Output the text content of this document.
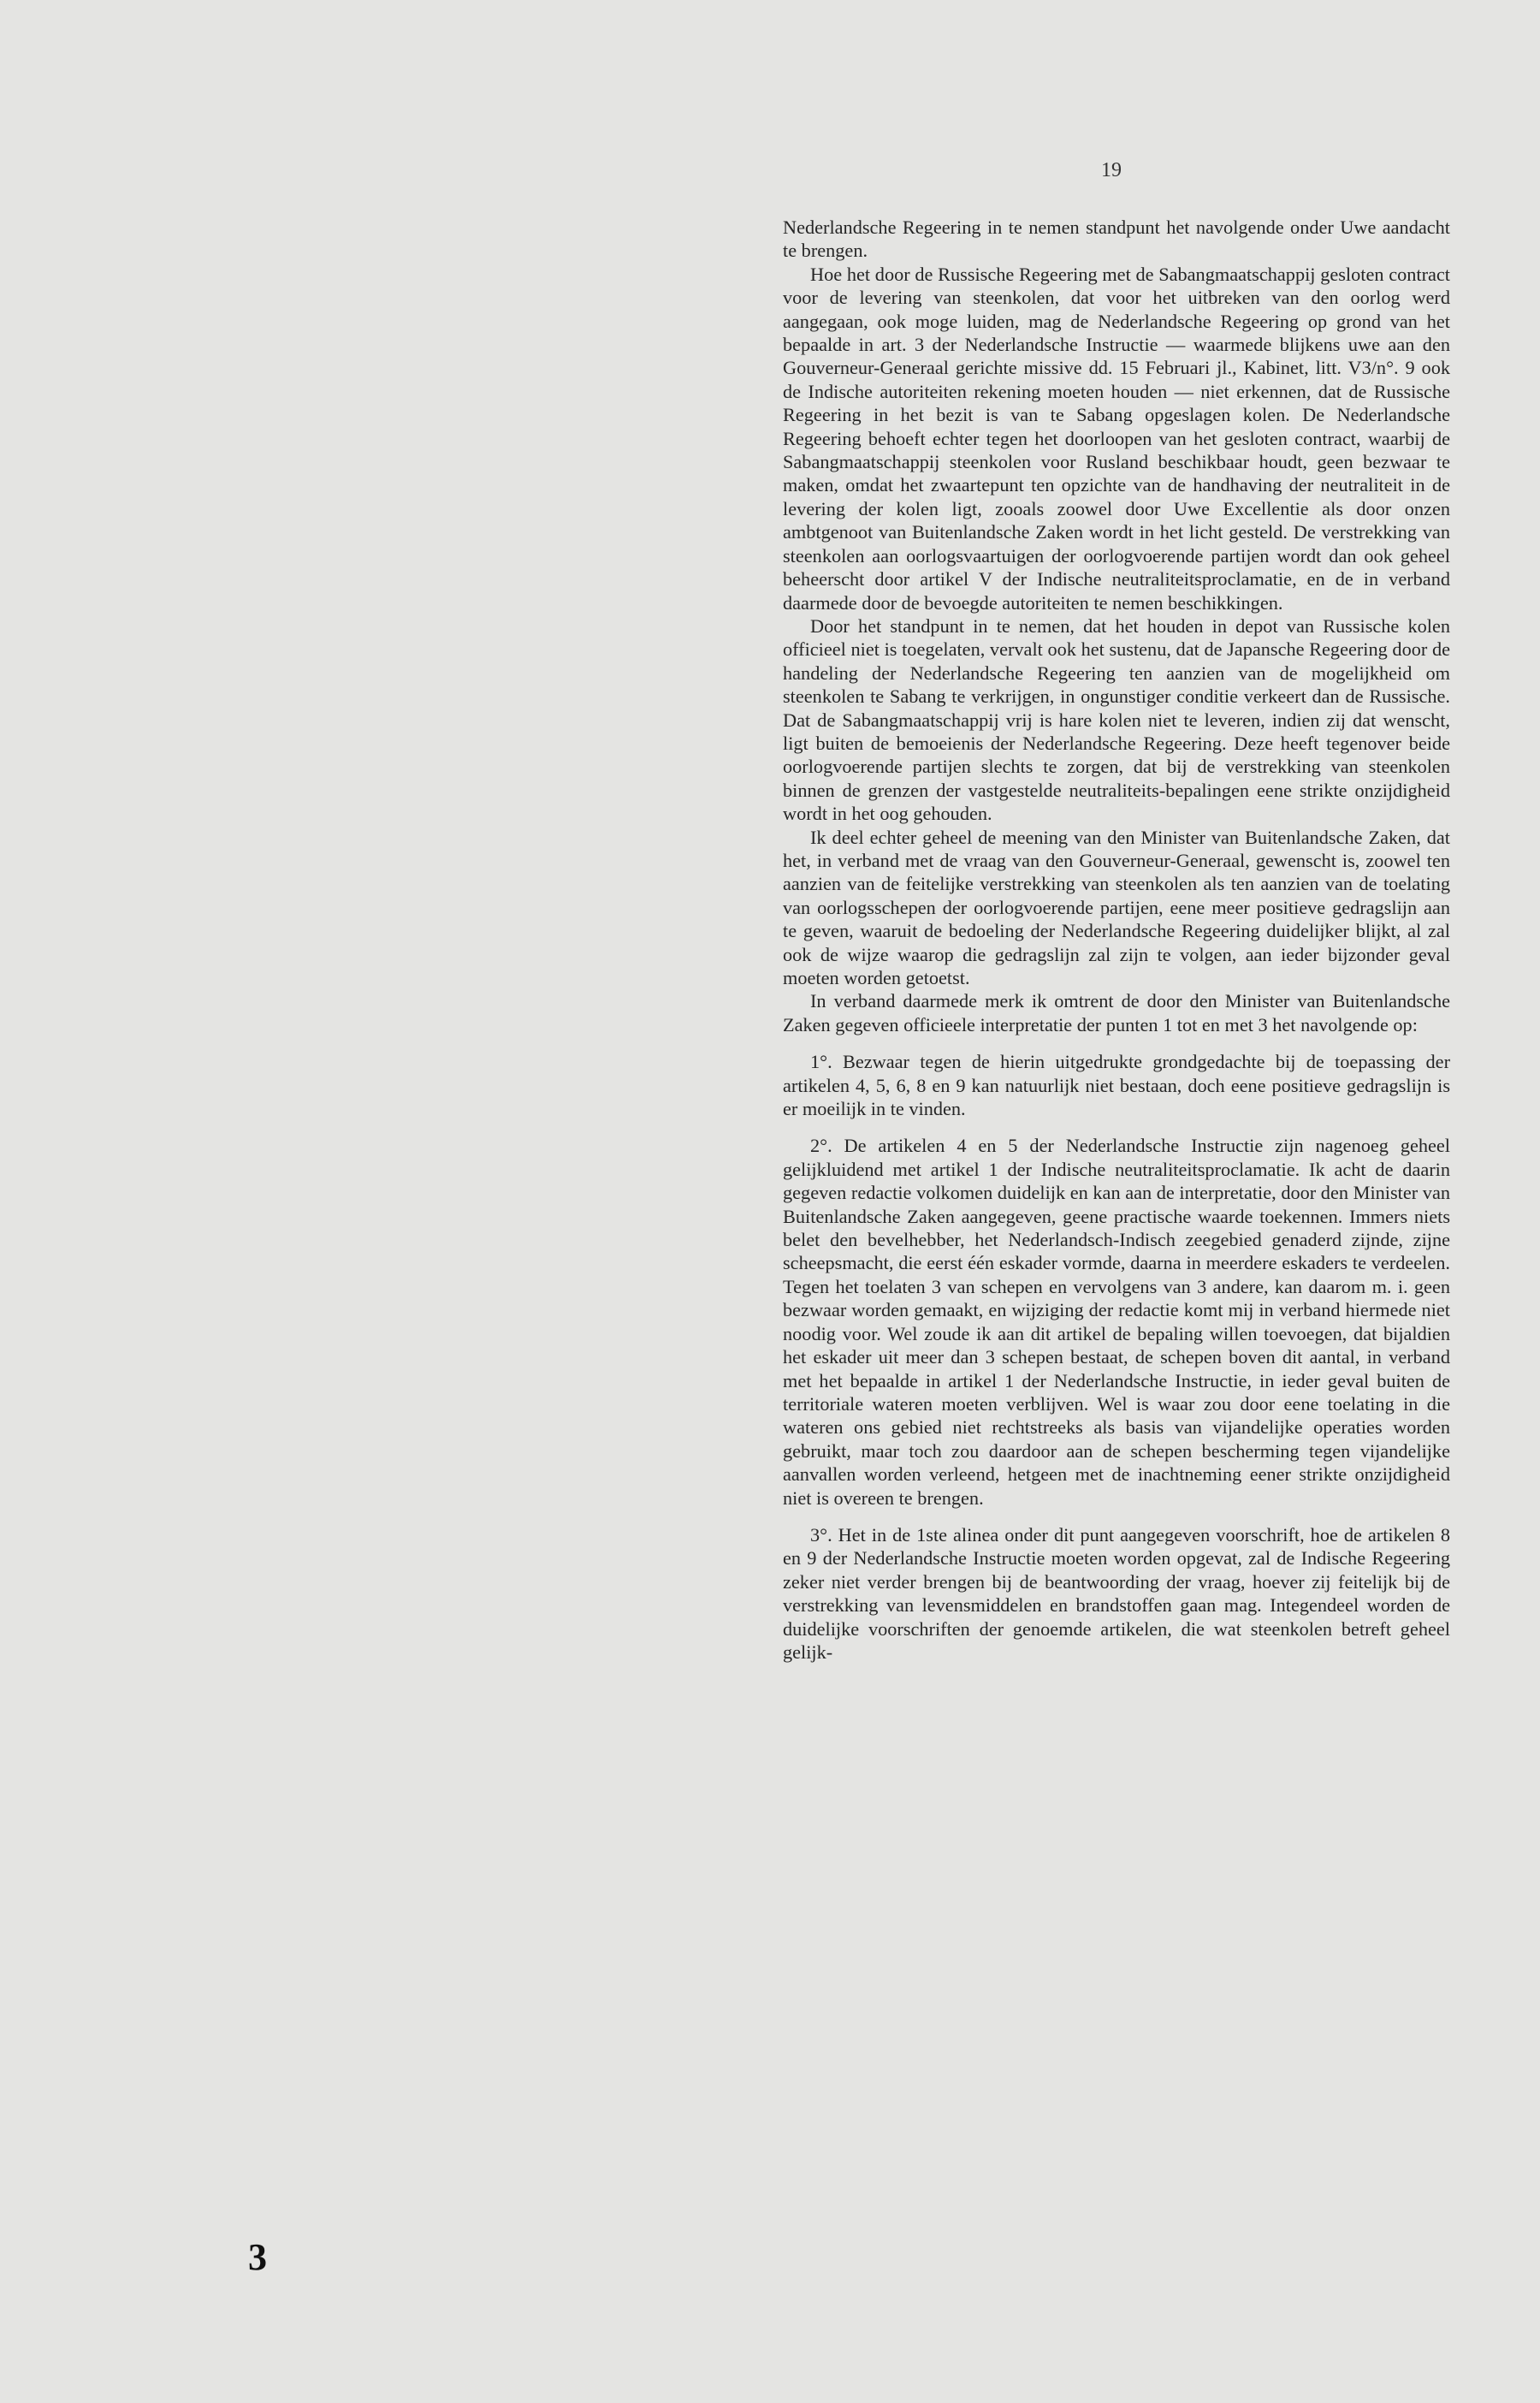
19

Nederlandsche Regeering in te nemen standpunt het navolgende onder Uwe aandacht te brengen.

Hoe het door de Russische Regeering met de Sabangmaatschappij gesloten contract voor de levering van steenkolen, dat voor het uitbreken van den oorlog werd aangegaan, ook moge luiden, mag de Nederlandsche Regeering op grond van het bepaalde in art. 3 der Nederlandsche Instructie — waarmede blijkens uwe aan den Gouverneur-Generaal gerichte missive dd. 15 Februari jl., Kabinet, litt. V3/n°. 9 ook de Indische autoriteiten rekening moeten houden — niet erkennen, dat de Russische Regeering in het bezit is van te Sabang opgeslagen kolen. De Nederlandsche Regeering behoeft echter tegen het doorloopen van het gesloten contract, waarbij de Sabangmaatschappij steenkolen voor Rusland beschikbaar houdt, geen bezwaar te maken, omdat het zwaartepunt ten opzichte van de handhaving der neutraliteit in de levering der kolen ligt, zooals zoowel door Uwe Excellentie als door onzen ambtgenoot van Buitenlandsche Zaken wordt in het licht gesteld. De verstrekking van steenkolen aan oorlogsvaartuigen der oorlogvoerende partijen wordt dan ook geheel beheerscht door artikel V der Indische neutraliteitsproclamatie, en de in verband daarmede door de bevoegde autoriteiten te nemen beschikkingen.

Door het standpunt in te nemen, dat het houden in depot van Russische kolen officieel niet is toegelaten, vervalt ook het sustenu, dat de Japansche Regeering door de handeling der Nederlandsche Regeering ten aanzien van de mogelijkheid om steenkolen te Sabang te verkrijgen, in ongunstiger conditie verkeert dan de Russische. Dat de Sabangmaatschappij vrij is hare kolen niet te leveren, indien zij dat wenscht, ligt buiten de bemoeienis der Nederlandsche Regeering. Deze heeft tegenover beide oorlogvoerende partijen slechts te zorgen, dat bij de verstrekking van steenkolen binnen de grenzen der vastgestelde neutraliteits-bepalingen eene strikte onzijdigheid wordt in het oog gehouden.

Ik deel echter geheel de meening van den Minister van Buitenlandsche Zaken, dat het, in verband met de vraag van den Gouverneur-Generaal, gewenscht is, zoowel ten aanzien van de feitelijke verstrekking van steenkolen als ten aanzien van de toelating van oorlogsschepen der oorlogvoerende partijen, eene meer positieve gedragslijn aan te geven, waaruit de bedoeling der Nederlandsche Regeering duidelijker blijkt, al zal ook de wijze waarop die gedragslijn zal zijn te volgen, aan ieder bijzonder geval moeten worden getoetst.

In verband daarmede merk ik omtrent de door den Minister van Buitenlandsche Zaken gegeven officieele interpretatie der punten 1 tot en met 3 het navolgende op:

1°. Bezwaar tegen de hierin uitgedrukte grondgedachte bij de toepassing der artikelen 4, 5, 6, 8 en 9 kan natuurlijk niet bestaan, doch eene positieve gedragslijn is er moeilijk in te vinden.

2°. De artikelen 4 en 5 der Nederlandsche Instructie zijn nagenoeg geheel gelijkluidend met artikel 1 der Indische neutraliteitsproclamatie. Ik acht de daarin gegeven redactie volkomen duidelijk en kan aan de interpretatie, door den Minister van Buitenlandsche Zaken aangegeven, geene practische waarde toekennen. Immers niets belet den bevelhebber, het Nederlandsch-Indisch zeegebied genaderd zijnde, zijne scheepsmacht, die eerst één eskader vormde, daarna in meerdere eskaders te verdeelen. Tegen het toelaten 3 van schepen en vervolgens van 3 andere, kan daarom m. i. geen bezwaar worden gemaakt, en wijziging der redactie komt mij in verband hiermede niet noodig voor. Wel zoude ik aan dit artikel de bepaling willen toevoegen, dat bijaldien het eskader uit meer dan 3 schepen bestaat, de schepen boven dit aantal, in verband met het bepaalde in artikel 1 der Nederlandsche Instructie, in ieder geval buiten de territoriale wateren moeten verblijven. Wel is waar zou door eene toelating in die wateren ons gebied niet rechtstreeks als basis van vijandelijke operaties worden gebruikt, maar toch zou daardoor aan de schepen bescherming tegen vijandelijke aanvallen worden verleend, hetgeen met de inachtneming eener strikte onzijdigheid niet is overeen te brengen.

3°. Het in de 1ste alinea onder dit punt aangegeven voorschrift, hoe de artikelen 8 en 9 der Nederlandsche Instructie moeten worden opgevat, zal de Indische Regeering zeker niet verder brengen bij de beantwoording der vraag, hoever zij feitelijk bij de verstrekking van levensmiddelen en brandstoffen gaan mag. Integendeel worden de duidelijke voorschriften der genoemde artikelen, die wat steenkolen betreft geheel gelijk-

3
